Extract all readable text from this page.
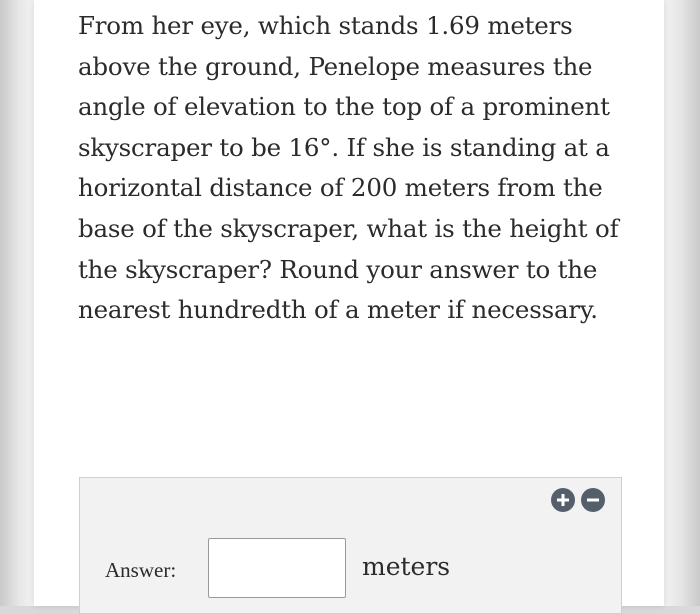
From her eye, which stands 1.69 meters above the ground, Penelope measures the angle of elevation to the top of a prominent skyscraper to be 16°. If she is standing at a horizontal distance of 200 meters from the base of the skyscraper, what is the height of the skyscraper? Round your answer to the nearest hundredth of a meter if necessary.

Answer:	meters
